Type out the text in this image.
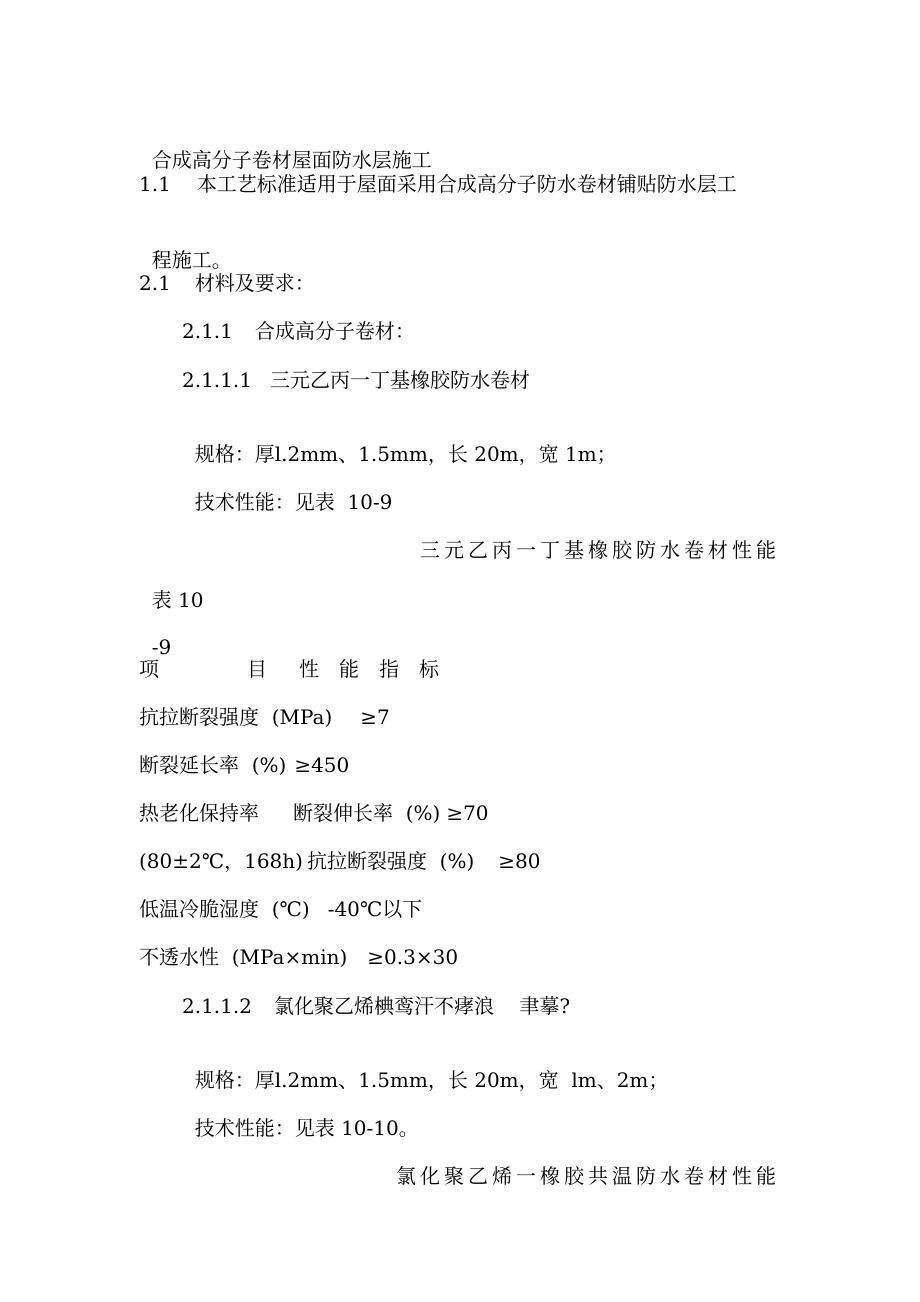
合成高分子卷材屋面防水层施工

1.1 本工艺标准适用于屋面采用合成高分子防水卷材铺贴防水层工

程施工。

2.1 材料及要求：
2.1.1 合成高分子卷材：
2.1.1.1 三元乙丙一丁基橡胶防水卷材

规格：厚l.2mm、1.5mm，长 20m，宽 1m；

技术性能：见表  10-9

三元乙丙一丁基橡胶防水卷材性能

表 10

-9

项	目 性 能 指 标
抗拉断裂强度  (MPa) ≥7
断裂延长率  (%) ≥450
热老化保持率 断裂伸长率  (%) ≥70
(80±2℃，168h) 抗拉断裂强度  (%) ≥80
低温冷脆湿度  (℃) -40℃以下
不透水性  (MPa×min) ≥0.3×30
2.1.1.2 氯化聚乙烯椣鸾汗不痚浪    聿摹?

规格：厚l.2mm、1.5mm，长 20m，宽  lm、2m；

技术性能：见表 10-10。

氯化聚乙烯一橡胶共温防水卷材性能
